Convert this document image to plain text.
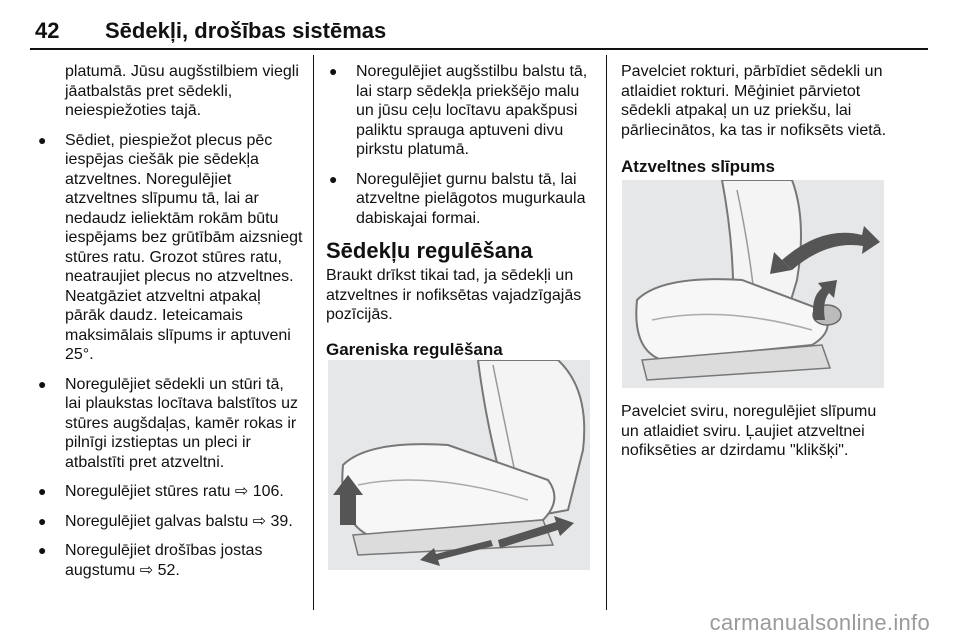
42 Sēdekļi, drošības sistēmas

platumā. Jūsu augšstilbiem viegli jāatbalstās pret sēdekli, neiespiežoties tajā.

● Sēdiet, piespiežot plecus pēc iespējas ciešāk pie sēdekļa atzveltnes. Noregulējiet atzveltnes slīpumu tā, lai ar nedaudz ieliektām rokām būtu iespējams bez grūtībām aizsniegt stūres ratu. Grozot stūres ratu, neatraujiet plecus no atzveltnes. Neatgāziet atzveltni atpakaļ pārāk daudz. Ieteicamais maksimālais slīpums ir aptuveni 25°.
● Noregulējiet sēdekli un stūri tā, lai plaukstas locītava balstītos uz stūres augšdaļas, kamēr rokas ir pilnīgi izstieptas un pleci ir atbalstīti pret atzveltni.
● Noregulējiet stūres ratu ⇨ 106.
● Noregulējiet galvas balstu ⇨ 39.
● Noregulējiet drošības jostas augstumu ⇨ 52.
● Noregulējiet augšstilbu balstu tā, lai starp sēdekļa priekšējo malu un jūsu ceļu locītavu apakšpusi paliktu sprauga aptuveni divu pirkstu platumā.
● Noregulējiet gurnu balstu tā, lai atzveltne pielāgotos mugurkaula dabiskajai formai.
Sēdekļu regulēšana

Braukt drīkst tikai tad, ja sēdekļi un atzveltnes ir nofiksētas vajadzīgajās pozīcijās.

Gareniska regulēšana

Pavelciet rokturi, pārbīdiet sēdekli un atlaidiet rokturi. Mēģiniet pārvietot sēdekli atpakaļ un uz priekšu, lai pārliecinātos, ka tas ir nofiksēts vietā.

Atzveltnes slīpums

Pavelciet sviru, noregulējiet slīpumu un atlaidiet sviru. Ļaujiet atzveltnei nofiksēties ar dzirdamu "klikšķi".

carmanualsonline.info
